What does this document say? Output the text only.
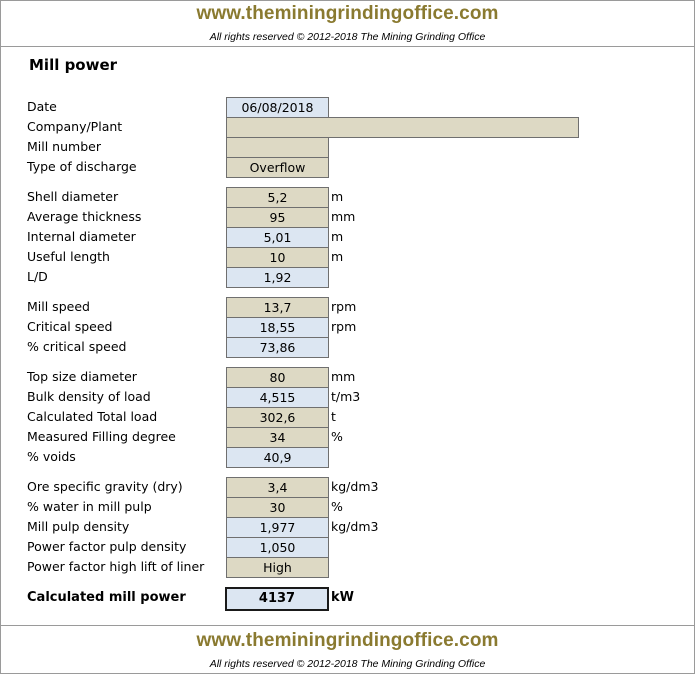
www.theminingrindingoffice.com
All rights reserved © 2012-2018 The Mining Grinding Office
Mill power
Date	06/08/2018
Company/Plant
Mill number
Type of discharge	Overflow
Shell diameter	5,2	m
Average thickness	95	mm
Internal diameter	5,01	m
Useful length	10	m
L/D	1,92
Mill speed	13,7	rpm
Critical speed	18,55	rpm
% critical speed	73,86
Top size diameter	80	mm
Bulk density of load	4,515	t/m3
Calculated Total load	302,6	t
Measured Filling degree	34	%
% voids	40,9
Ore specific gravity (dry)	3,4	kg/dm3
% water in mill pulp	30	%
Mill pulp density	1,977	kg/dm3
Power factor pulp density	1,050
Power factor high lift of liner	High
Calculated mill power	4137	kW
www.theminingrindingoffice.com
All rights reserved © 2012-2018 The Mining Grinding Office
